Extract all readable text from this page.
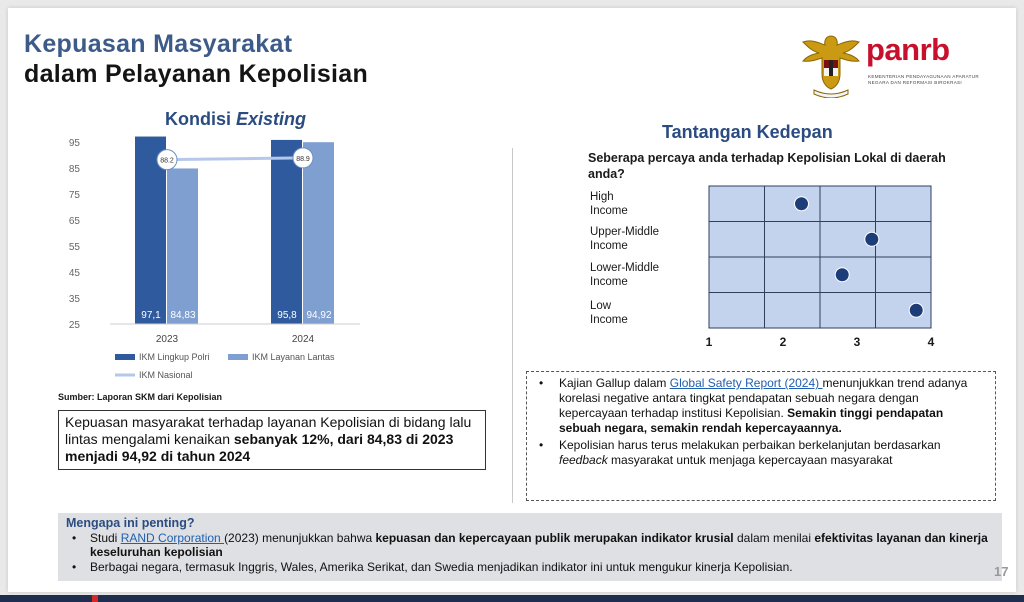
Kepuasan Masyarakat
dalam Pelayanan Kepolisian
panrb
KEMENTERIAN PENDAYAGUNAAN APARATUR NEGARA DAN REFORMASI BIROKRASI
Kondisi Existing
95
85
75
65
55
45
35
25
97,1 84,83
2023
95,8 94,92
2024
88.2	88.9
IKM Lingkup Polri	IKM Layanan Lantas
IKM Nasional
Sumber: Laporan SKM dari Kepolisian
Kepuasan masyarakat terhadap layanan Kepolisian di bidang lalu lintas mengalami kenaikan sebanyak 12%, dari 84,83 di 2023 menjadi 94,92 di tahun 2024
Tantangan Kedepan
Seberapa percaya anda terhadap Kepolisian Lokal di daerah anda?
High
Income
Upper-Middle
Income
Lower-Middle
Income
Low
Income
1	2	3	4
• Kajian Gallup dalam Global Safety Report (2024) menunjukkan trend adanya korelasi negative antara tingkat pendapatan sebuah negara dengan kepercayaan terhadap institusi Kepolisian. Semakin tinggi pendapatan sebuah negara, semakin rendah kepercayaannya.
• Kepolisian harus terus melakukan perbaikan berkelanjutan berdasarkan feedback masyarakat untuk menjaga kepercayaan masyarakat
Mengapa ini penting?
• Studi RAND Corporation (2023) menunjukkan bahwa kepuasan dan kepercayaan publik merupakan indikator krusial dalam menilai efektivitas layanan dan kinerja keseluruhan kepolisian
• Berbagai negara, termasuk Inggris, Wales, Amerika Serikat, dan Swedia menjadikan indikator ini untuk mengukur kinerja Kepolisian.	17
